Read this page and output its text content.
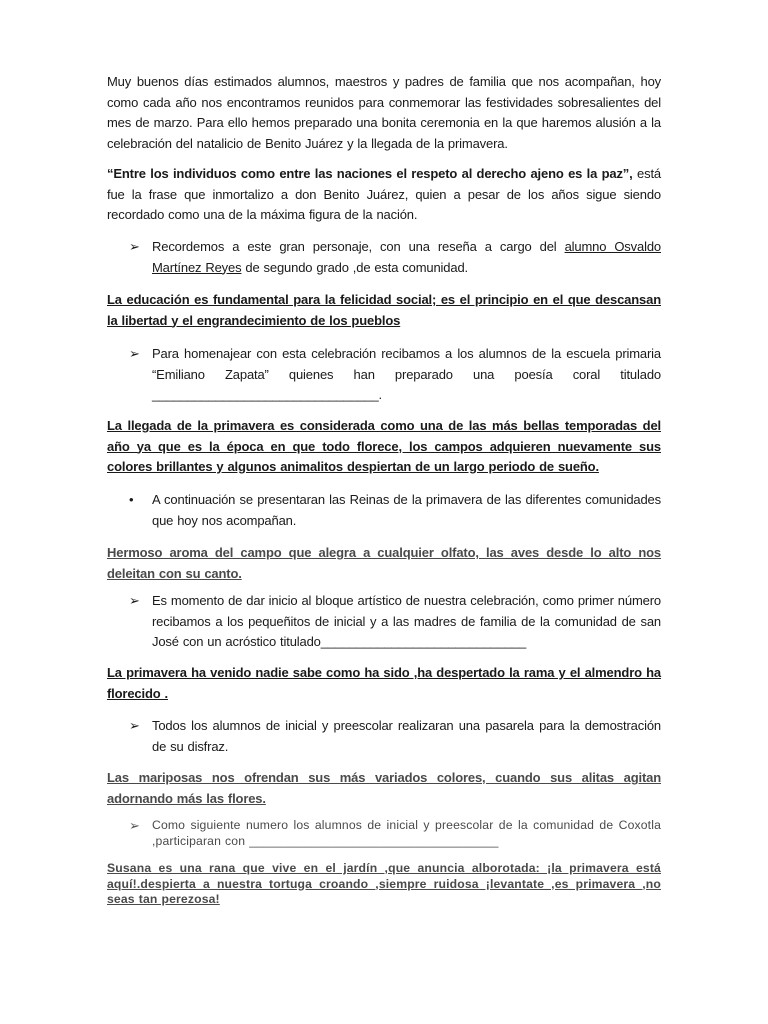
Muy buenos días estimados alumnos, maestros y padres de familia que nos acompañan, hoy como cada año nos encontramos reunidos para conmemorar las festividades sobresalientes del mes de marzo. Para ello hemos preparado una bonita ceremonia en la que haremos alusión a la celebración del natalicio de Benito Juárez y la llegada de la primavera.
“Entre los individuos como entre las naciones el respeto al derecho ajeno es la paz”, está fue la frase que inmortalizo a don Benito Juárez, quien a pesar de los años sigue siendo recordado como una de la máxima figura de la nación.
➢ Recordemos a este gran personaje, con una reseña a cargo del alumno Osvaldo Martínez Reyes de segundo grado ,de esta comunidad.
La educación es fundamental para la felicidad social; es el principio en el que descansan la libertad y el engrandecimiento de los pueblos
➢ Para homenajear con esta celebración recibamos a los alumnos de la escuela primaria “Emiliano Zapata” quienes han preparado una poesía coral titulado ________________________________.
La llegada de la primavera es considerada como una de las más bellas temporadas del año ya que es la época en que todo florece, los campos adquieren nuevamente sus colores brillantes y algunos animalitos despiertan de un largo periodo de sueño.
•	A continuación se presentaran las Reinas de la primavera de las diferentes comunidades que hoy nos acompañan.
Hermoso aroma del campo que alegra a cualquier olfato, las aves desde lo alto nos deleitan con su canto.
➢ Es momento de dar inicio al bloque artístico de nuestra celebración, como primer número recibamos a los pequeñitos de inicial y a las madres de familia de la comunidad de san José con un acróstico titulado_____________________________
La primavera ha venido nadie sabe como ha sido ,ha despertado la rama y el almendro ha florecido .
➢ Todos los alumnos de inicial y preescolar realizaran una pasarela para la demostración de su disfraz.
Las mariposas nos ofrendan sus más variados colores, cuando sus alitas agitan adornando más las flores.
➢ Como siguiente numero los alumnos de inicial y preescolar de la comunidad de Coxotla ,participaran con ____________________________________
Susana es una rana que vive en el jardín ,que anuncia alborotada: ¡la primavera está aquí!.despierta a nuestra tortuga croando ,siempre ruidosa ¡levantate ,es primavera ,no seas tan perezosa!
